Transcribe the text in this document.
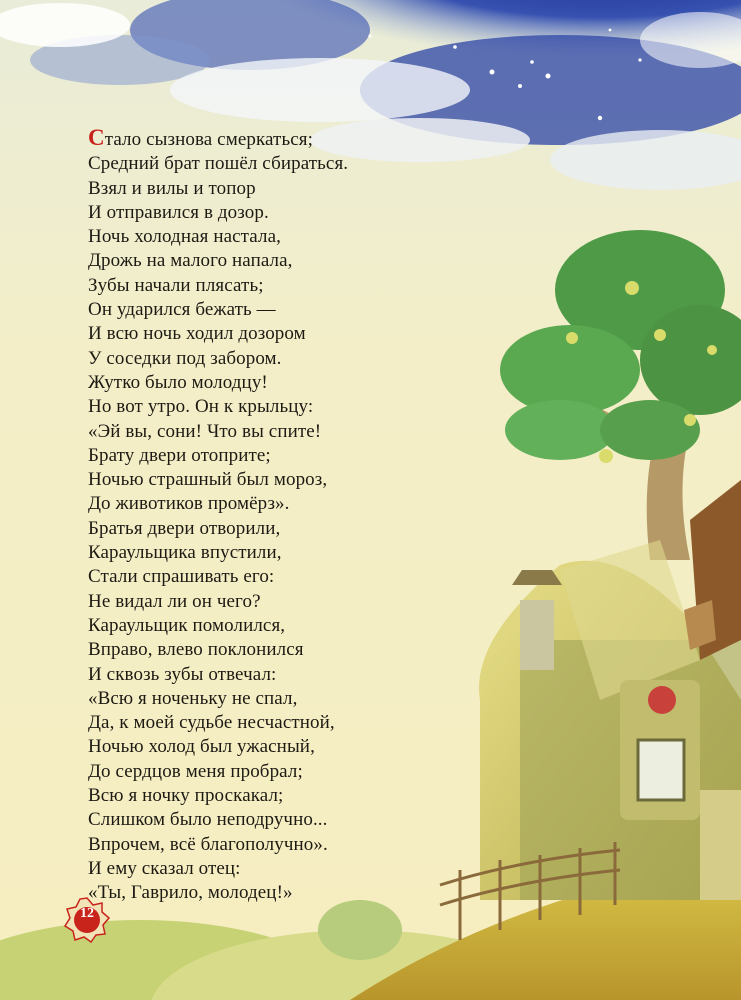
Стало сызнова смеркаться;
Средний брат пошёл сбираться.
Взял и вилы и топор
И отправился в дозор.
Ночь холодная настала,
Дрожь на малого напала,
Зубы начали плясать;
Он ударился бежать —
И всю ночь ходил дозором
У соседки под забором.
Жутко было молодцу!
Но вот утро. Он к крыльцу:
«Эй вы, сони! Что вы спите!
Брату двери отоприте;
Ночью страшный был мороз,
До животиков промёрз».
Братья двери отворили,
Караульщика впустили,
Стали спрашивать его:
Не видал ли он чего?
Караульщик помолился,
Вправо, влево поклонился
И сквозь зубы отвечал:
«Всю я ноченьку не спал,
Да, к моей судьбе несчастной,
Ночью холод был ужасный,
До сердцов меня пробрал;
Всю я ночку проскакал;
Слишком было неподручно...
Впрочем, всё благополучно».
И ему сказал отец:
«Ты, Гаврило, молодец!»
12
